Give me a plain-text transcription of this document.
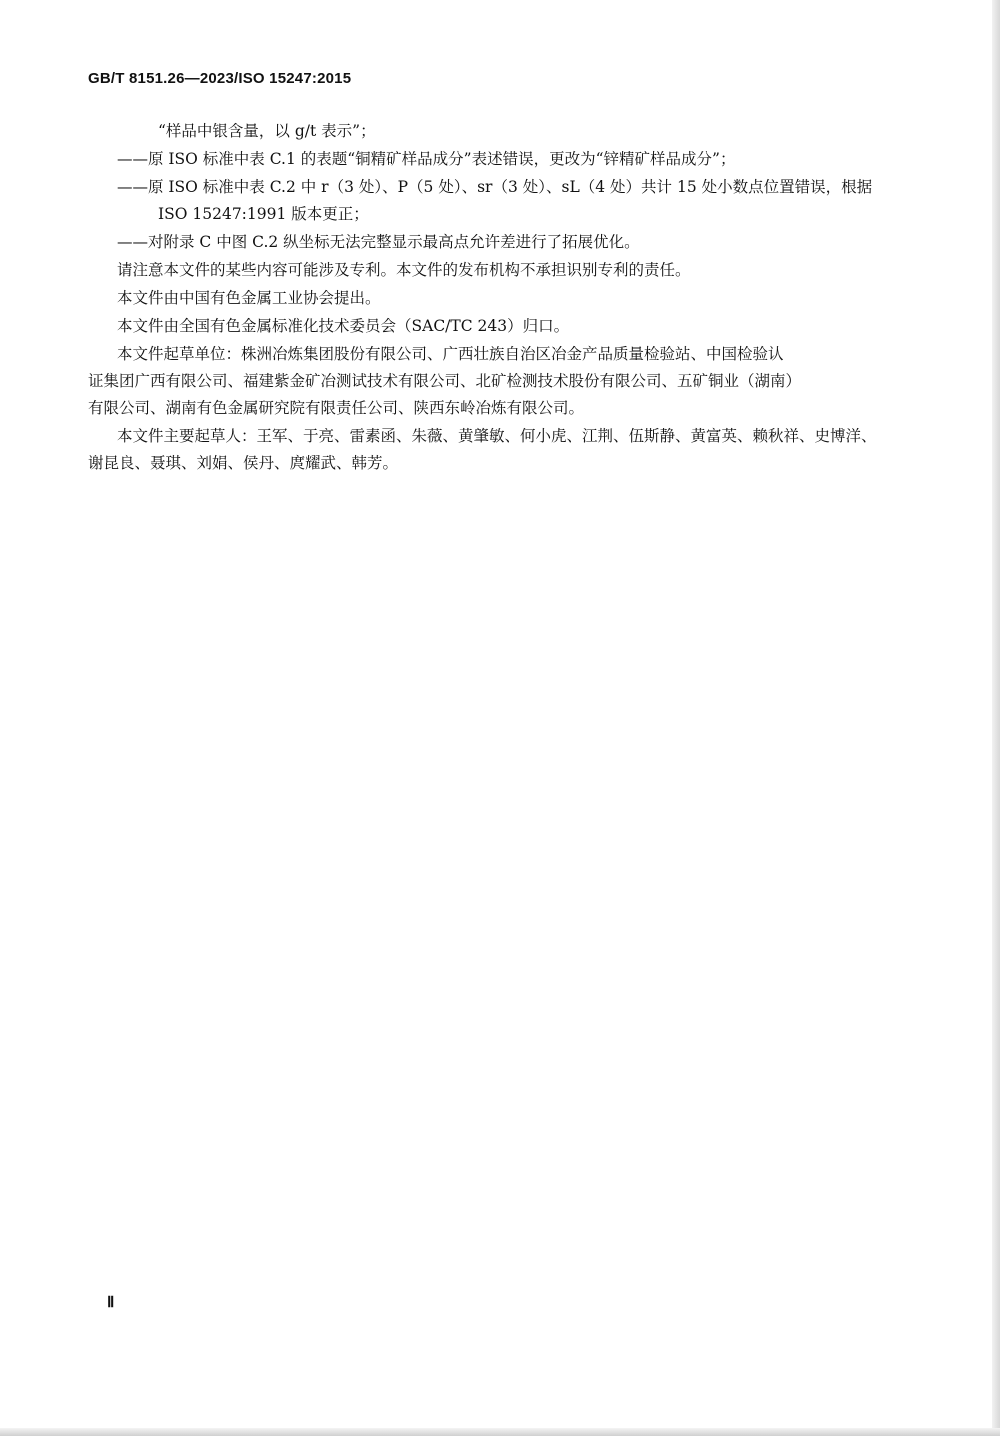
GB/T 8151.26—2023/ISO 15247:2015
“样品中银含量，以 g/t 表示”；
——原 ISO 标准中表 C.1 的表题“铜精矿样品成分”表述错误，更改为“锌精矿样品成分”；
——原 ISO 标准中表 C.2 中 r（3 处）、P（5 处）、sr（3 处）、sL（4 处）共计 15 处小数点位置错误，根据
ISO 15247:1991 版本更正；
——对附录 C 中图 C.2 纵坐标无法完整显示最高点允许差进行了拓展优化。
请注意本文件的某些内容可能涉及专利。本文件的发布机构不承担识别专利的责任。
本文件由中国有色金属工业协会提出。
本文件由全国有色金属标准化技术委员会（SAC/TC 243）归口。
本文件起草单位：株洲冶炼集团股份有限公司、广西壮族自治区冶金产品质量检验站、中国检验认
证集团广西有限公司、福建紫金矿冶测试技术有限公司、北矿检测技术股份有限公司、五矿铜业（湖南）
有限公司、湖南有色金属研究院有限责任公司、陕西东岭冶炼有限公司。
本文件主要起草人：王军、于亮、雷素函、朱薇、黄肇敏、何小虎、江荆、伍斯静、黄富英、赖秋祥、史博洋、
谢昆良、聂琪、刘娟、侯丹、庹耀武、韩芳。
Ⅱ
